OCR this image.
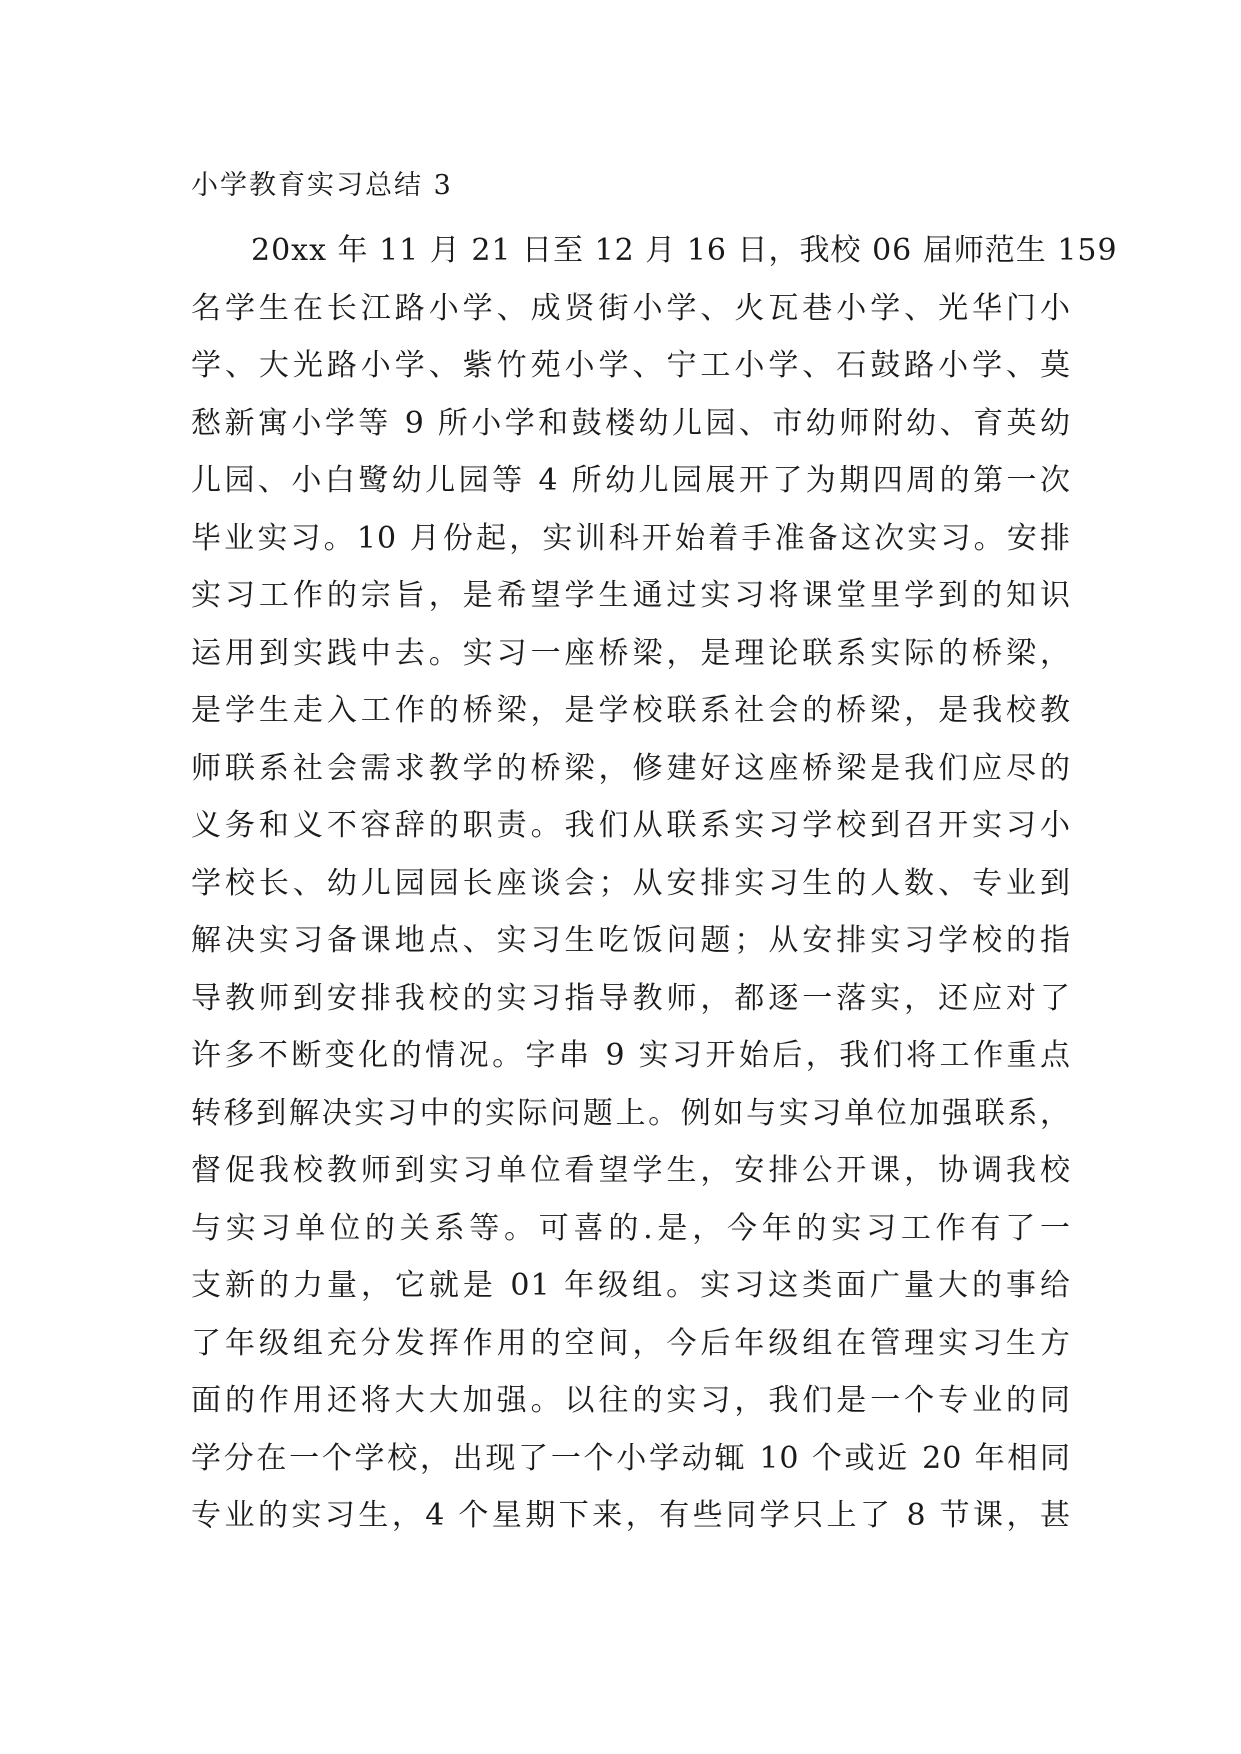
小学教育实习总结 3
20xx 年 11 月 21 日至 12 月 16 日，我校 06 届师范生 159
名学生在长江路小学、成贤街小学、火瓦巷小学、光华门小
学、大光路小学、紫竹苑小学、宁工小学、石鼓路小学、莫
愁新寓小学等 9 所小学和鼓楼幼儿园、市幼师附幼、育英幼
儿园、小白鹭幼儿园等 4 所幼儿园展开了为期四周的第一次
毕业实习。10 月份起，实训科开始着手准备这次实习。安排
实习工作的宗旨，是希望学生通过实习将课堂里学到的知识
运用到实践中去。实习一座桥梁，是理论联系实际的桥梁，
是学生走入工作的桥梁，是学校联系社会的桥梁，是我校教
师联系社会需求教学的桥梁，修建好这座桥梁是我们应尽的
义务和义不容辞的职责。我们从联系实习学校到召开实习小
学校长、幼儿园园长座谈会；从安排实习生的人数、专业到
解决实习备课地点、实习生吃饭问题；从安排实习学校的指
导教师到安排我校的实习指导教师，都逐一落实，还应对了
许多不断变化的情况。字串 9 实习开始后，我们将工作重点
转移到解决实习中的实际问题上。例如与实习单位加强联系，
督促我校教师到实习单位看望学生，安排公开课，协调我校
与实习单位的关系等。可喜的.是，今年的实习工作有了一
支新的力量，它就是 01 年级组。实习这类面广量大的事给
了年级组充分发挥作用的空间，今后年级组在管理实习生方
面的作用还将大大加强。以往的实习，我们是一个专业的同
学分在一个学校，出现了一个小学动辄 10 个或近 20 年相同
专业的实习生，4 个星期下来，有些同学只上了 8 节课，甚
